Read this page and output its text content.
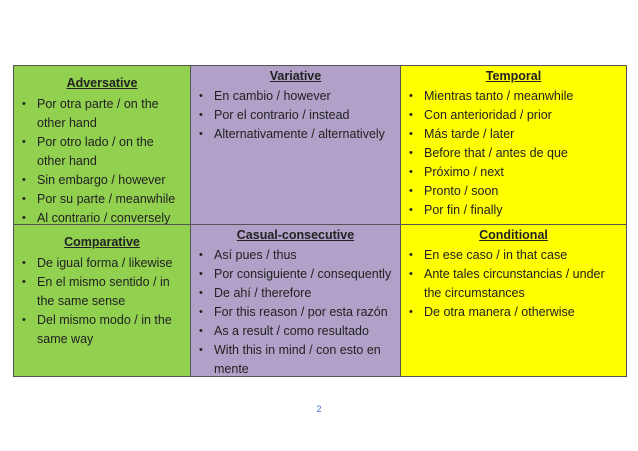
Adversative

• Por otra parte / on the other hand
• Por otro lado / on the other hand
• Sin embargo / however
• Por su parte / meanwhile
• Al contrario / conversely

Variative

• En cambio / however
• Por el contrario / instead
• Alternativamente / alternatively

Temporal

• Mientras tanto / meanwhile
• Con anterioridad / prior
• Más tarde / later
• Before that / antes de que
• Próximo / next
• Pronto / soon
• Por fin / finally

Comparative

• De igual forma / likewise
• En el mismo sentido / in the same sense
• Del mismo modo / in the same way

Casual-consecutive

• Así pues / thus
• Por consiguiente / consequently
• De ahí / therefore
• For this reason / por esta razón
• As a result / como resultado
• With this in mind / con esto en mente

Conditional

• En ese caso / in that case
• Ante tales circunstancias / under the circumstances
• De otra manera / otherwise
2
